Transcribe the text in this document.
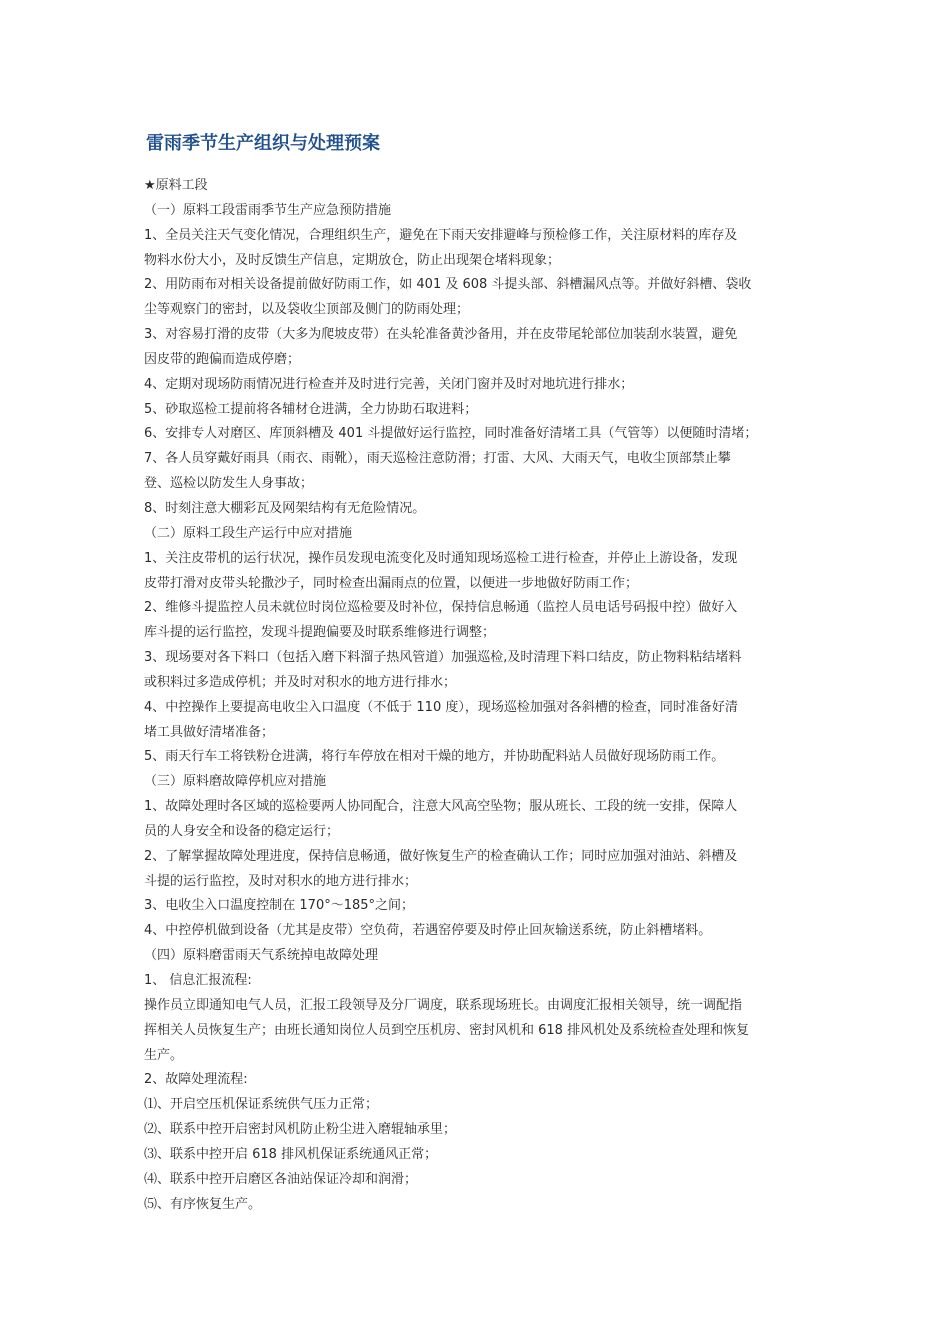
雷雨季节生产组织与处理预案
★原料工段
（一）原料工段雷雨季节生产应急预防措施
1、全员关注天气变化情况，合理组织生产，避免在下雨天安排避峰与预检修工作，关注原材料的库存及
物料水份大小，及时反馈生产信息，定期放仓，防止出现架仓堵料现象；
2、用防雨布对相关设备提前做好防雨工作，如 401 及 608 斗提头部、斜槽漏风点等。并做好斜槽、袋收
尘等观察门的密封，以及袋收尘顶部及侧门的防雨处理；
3、对容易打滑的皮带（大多为爬坡皮带）在头轮准备黄沙备用，并在皮带尾轮部位加装刮水装置，避免
因皮带的跑偏而造成停磨；
4、定期对现场防雨情况进行检查并及时进行完善，关闭门窗并及时对地坑进行排水；
5、砂取巡检工提前将各辅材仓进满，全力协助石取进料；
6、安排专人对磨区、库顶斜槽及 401 斗提做好运行监控，同时准备好清堵工具（气管等）以便随时清堵；
7、各人员穿戴好雨具（雨衣、雨靴），雨天巡检注意防滑；打雷、大风、大雨天气，电收尘顶部禁止攀
登、巡检以防发生人身事故；
8、时刻注意大棚彩瓦及网架结构有无危险情况。
（二）原料工段生产运行中应对措施
1、关注皮带机的运行状况，操作员发现电流变化及时通知现场巡检工进行检查，并停止上游设备，发现
皮带打滑对皮带头轮撒沙子，同时检查出漏雨点的位置，以便进一步地做好防雨工作；
2、维修斗提监控人员未就位时岗位巡检要及时补位，保持信息畅通（监控人员电话号码报中控）做好入
库斗提的运行监控，发现斗提跑偏要及时联系维修进行调整；
3、现场要对各下料口（包括入磨下料溜子热风管道）加强巡检,及时清理下料口结皮，防止物料粘结堵料
或积料过多造成停机；并及时对积水的地方进行排水；
4、中控操作上要提高电收尘入口温度（不低于 110 度），现场巡检加强对各斜槽的检查，同时准备好清
堵工具做好清堵准备；
5、雨天行车工将铁粉仓进满，将行车停放在相对干燥的地方，并协助配料站人员做好现场防雨工作。
（三）原料磨故障停机应对措施
1、故障处理时各区域的巡检要两人协同配合，注意大风高空坠物；服从班长、工段的统一安排，保障人
员的人身安全和设备的稳定运行；
2、了解掌握故障处理进度，保持信息畅通，做好恢复生产的检查确认工作；同时应加强对油站、斜槽及
斗提的运行监控，及时对积水的地方进行排水；
3、电收尘入口温度控制在 170°～185°之间；
4、中控停机做到设备（尤其是皮带）空负荷，若遇窑停要及时停止回灰输送系统，防止斜槽堵料。
（四）原料磨雷雨天气系统掉电故障处理
1、 信息汇报流程:
操作员立即通知电气人员，汇报工段领导及分厂调度，联系现场班长。由调度汇报相关领导，统一调配指
挥相关人员恢复生产；由班长通知岗位人员到空压机房、密封风机和 618 排风机处及系统检查处理和恢复
生产。
2、故障处理流程:
⑴、开启空压机保证系统供气压力正常；
⑵、联系中控开启密封风机防止粉尘进入磨辊轴承里；
⑶、联系中控开启 618 排风机保证系统通风正常；
⑷、联系中控开启磨区各油站保证冷却和润滑；
⑸、有序恢复生产。
